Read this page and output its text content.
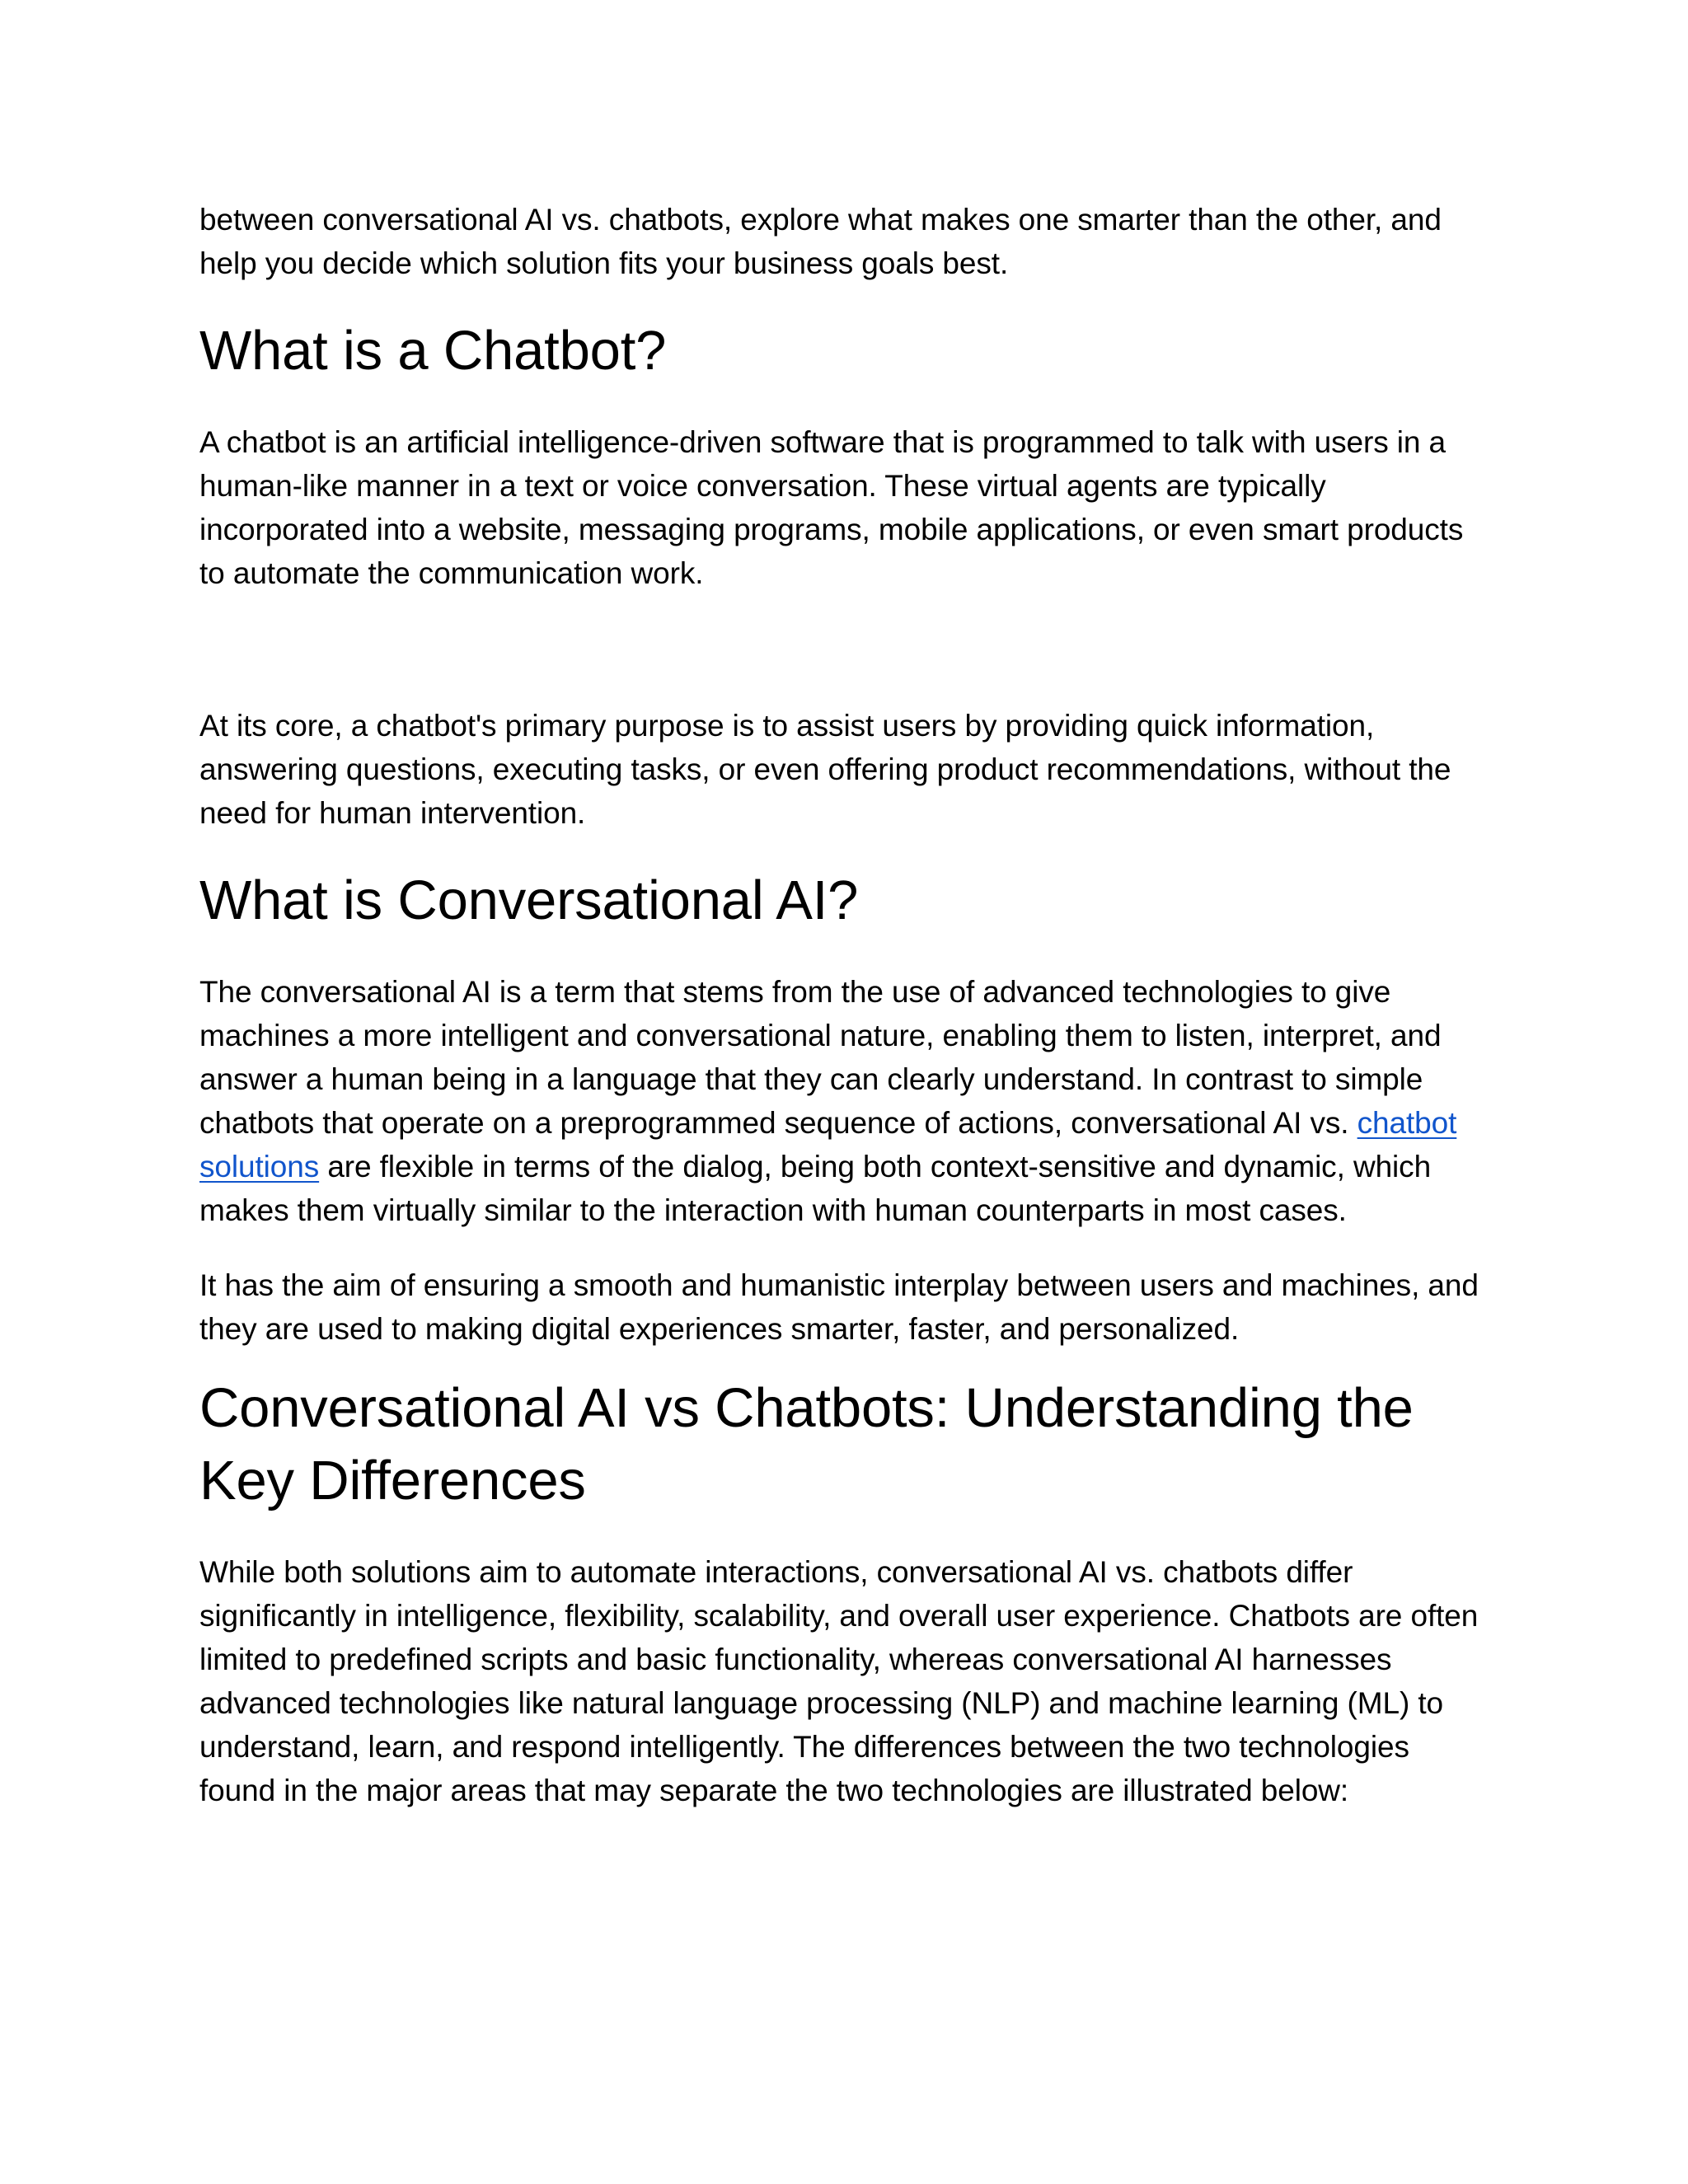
between conversational AI vs. chatbots, explore what makes one smarter than the other, and help you decide which solution fits your business goals best.

What is a Chatbot?

A chatbot is an artificial intelligence-driven software that is programmed to talk with users in a human-like manner in a text or voice conversation. These virtual agents are typically incorporated into a website, messaging programs, mobile applications, or even smart products to automate the communication work.

At its core, a chatbot's primary purpose is to assist users by providing quick information, answering questions, executing tasks, or even offering product recommendations, without the need for human intervention.

What is Conversational AI?

The conversational AI is a term that stems from the use of advanced technologies to give machines a more intelligent and conversational nature, enabling them to listen, interpret, and answer a human being in a language that they can clearly understand. In contrast to simple chatbots that operate on a preprogrammed sequence of actions, conversational AI vs. chatbot solutions are flexible in terms of the dialog, being both context-sensitive and dynamic, which makes them virtually similar to the interaction with human counterparts in most cases.

It has the aim of ensuring a smooth and humanistic interplay between users and machines, and they are used to making digital experiences smarter, faster, and personalized.

Conversational AI vs Chatbots: Understanding the Key Differences

While both solutions aim to automate interactions, conversational AI vs. chatbots differ significantly in intelligence, flexibility, scalability, and overall user experience. Chatbots are often limited to predefined scripts and basic functionality, whereas conversational AI harnesses advanced technologies like natural language processing (NLP) and machine learning (ML) to understand, learn, and respond intelligently. The differences between the two technologies found in the major areas that may separate the two technologies are illustrated below:
